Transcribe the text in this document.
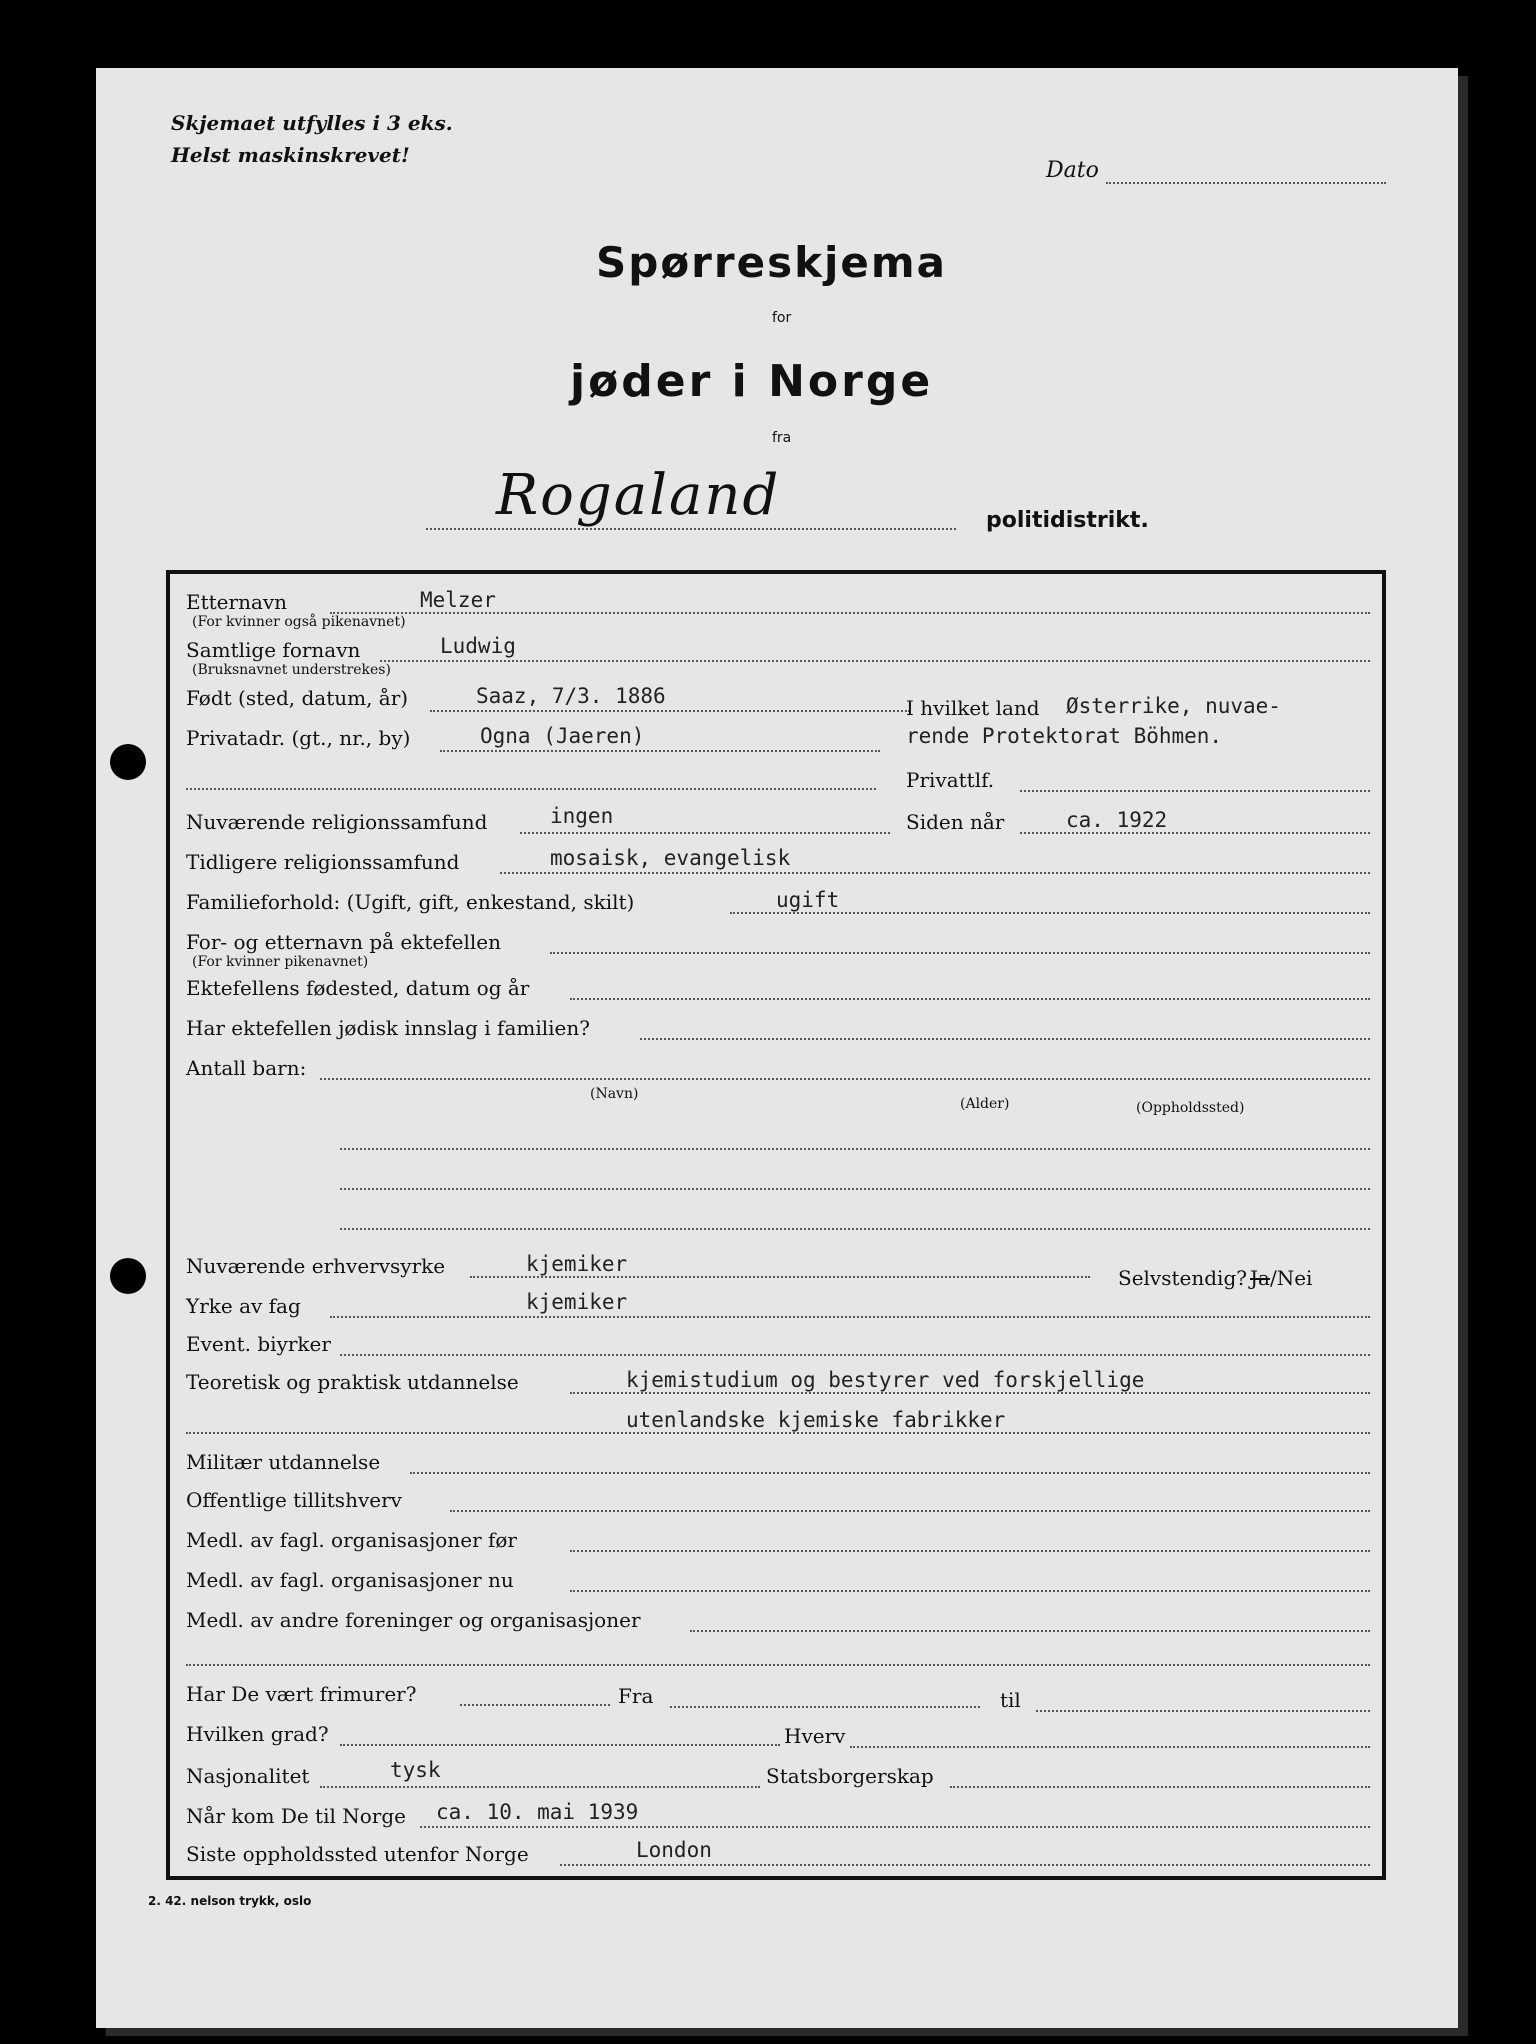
Skjemaet utfylles i 3 eks.
Helst maskinskrevet!
Dato
Spørreskjema
for
jøder i Norge
fra
Rogaland	politidistrikt.
Etternavn	Melzer
(For kvinner også pikenavnet)
Samtlige fornavn	Ludwig
(Bruksnavnet understrekes)
Født (sted, datum, år)	Saaz, 7/3. 1886	I hvilket land Østerrike, nuvae-
rende Protektorat Böhmen.
Privatadr. (gt., nr., by)	Ogna (Jaeren)
Privattlf.
Nuværende religionssamfund	ingen	Siden når	ca. 1922
Tidligere religionssamfund	mosaisk, evangelisk
Familieforhold: (Ugift, gift, enkestand, skilt)	ugift
For- og etternavn på ektefellen
(For kvinner pikenavnet)
Ektefellens fødested, datum og år
Har ektefellen jødisk innslag i familien?
Antall barn:
(Navn)
(Alder)	(Oppholdssted)
Nuværende erhvervsyrke	kjemiker
Selvstendig? Ja/Nei
Yrke av fag	kjemiker
Event. biyrker
Teoretisk og praktisk utdannelse	kjemistudium og bestyrer ved forskjellige
utenlandske kjemiske fabrikker
Militær utdannelse
Offentlige tillitshverv
Medl. av fagl. organisasjoner før
Medl. av fagl. organisasjoner nu
Medl. av andre foreninger og organisasjoner
Har De vært frimurer?	Fra	til
Hvilken grad?	Hverv
Nasjonalitet	tysk	Statsborgerskap
Når kom De til Norge ca. 10. mai 1939
Siste oppholdssted utenfor Norge	London
2. 42. nelson trykk, oslo
